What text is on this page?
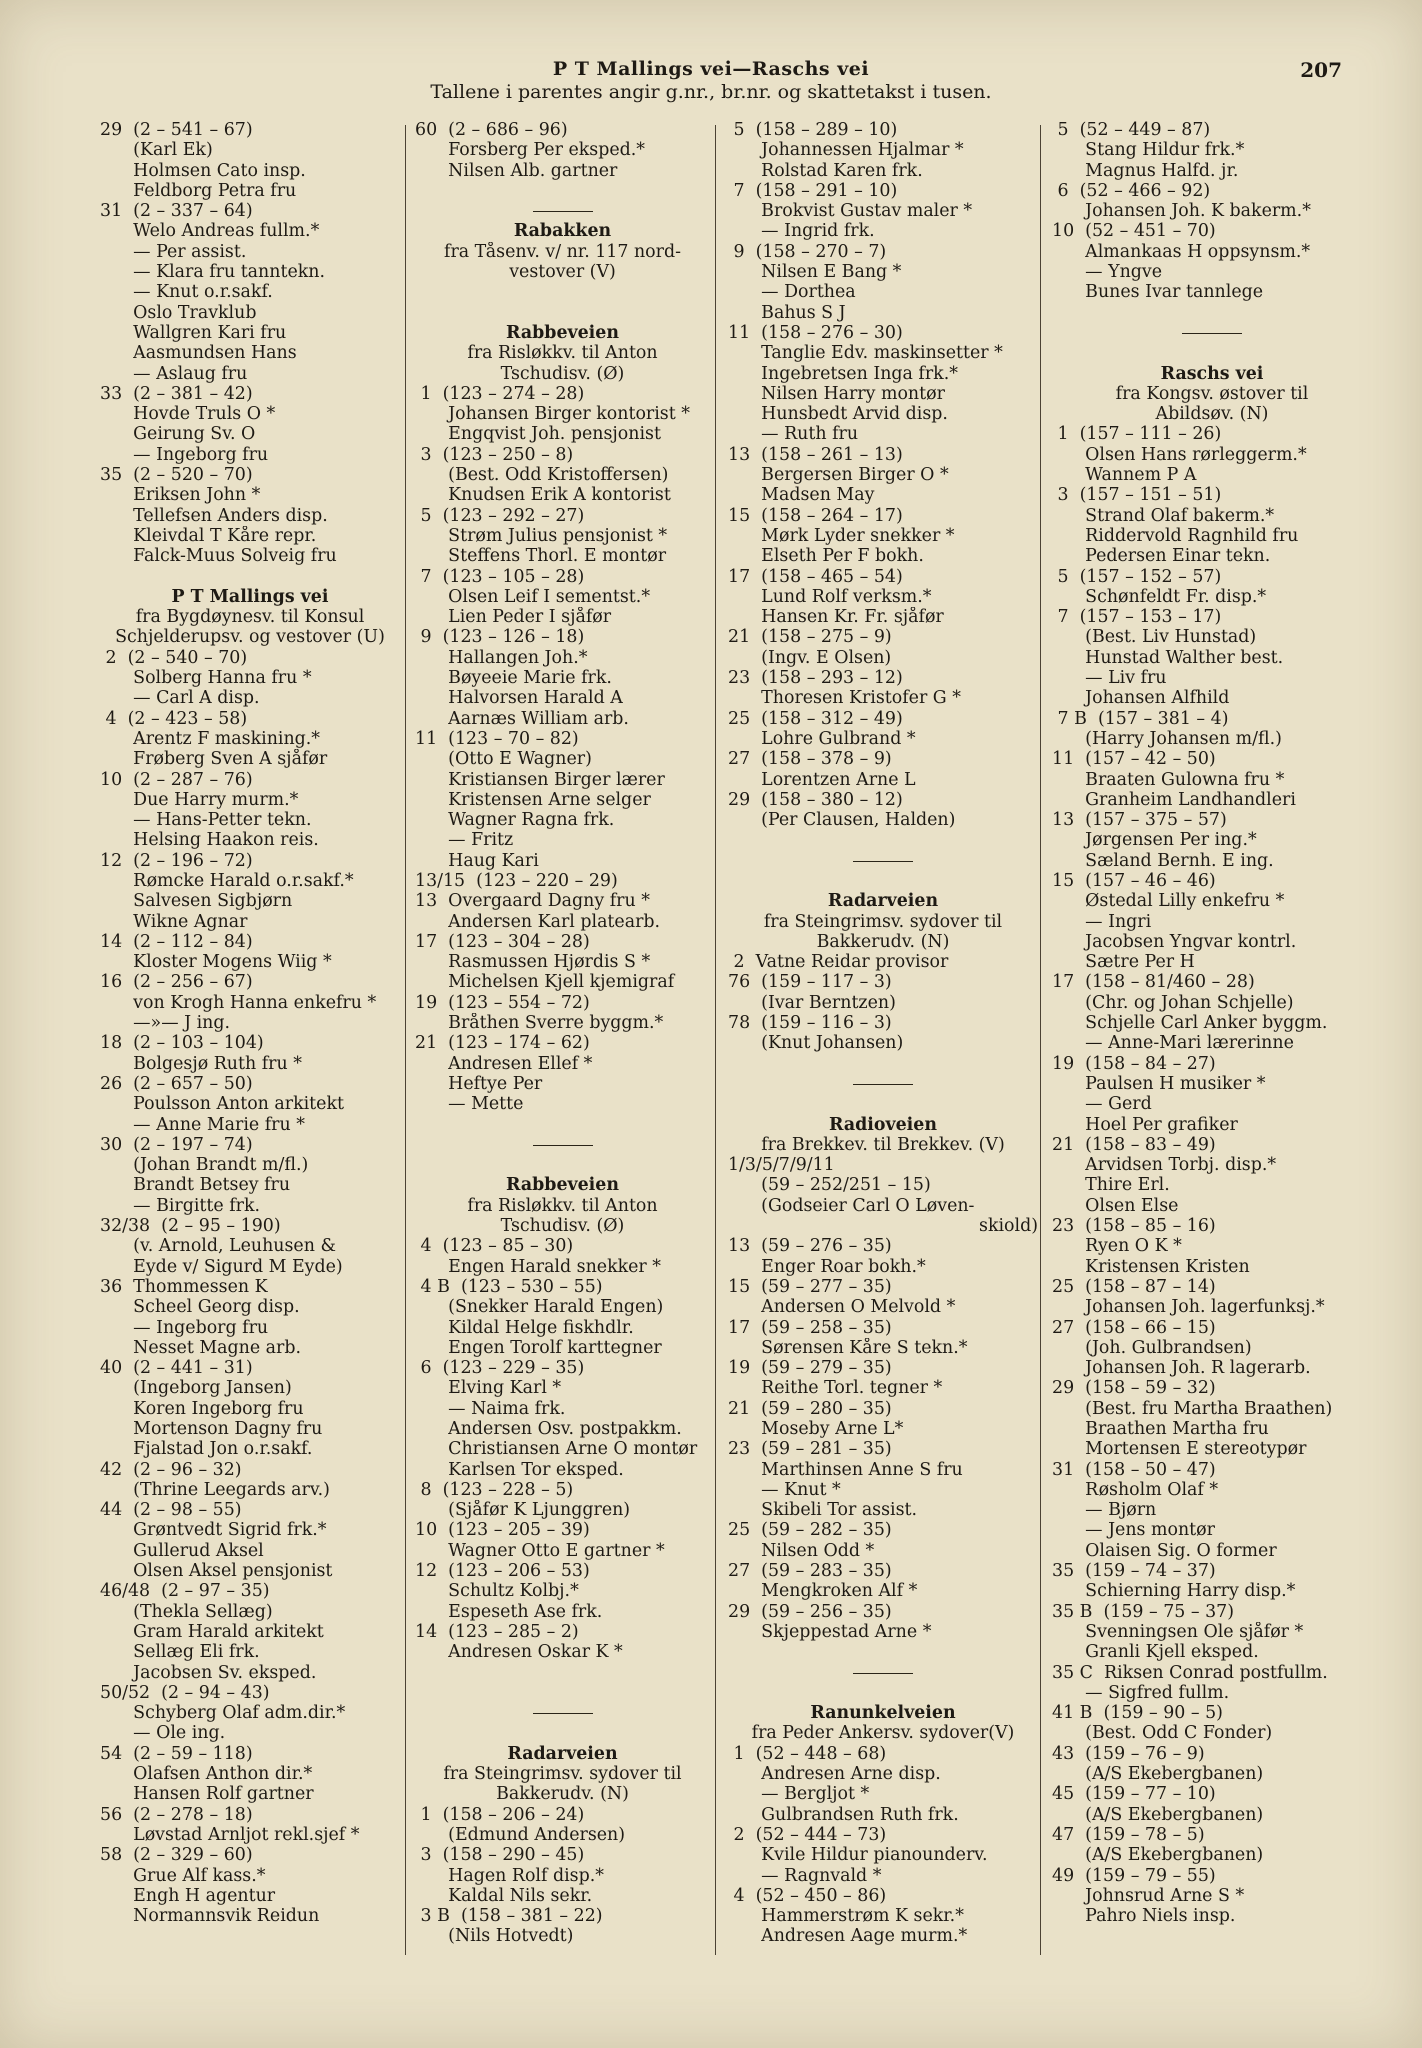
P T Mallings vei—Raschs vei
Tallene i parentes angir g.nr., br.nr. og skattetakst i tusen.
207
29  (2 – 541 – 67)
(Karl Ek)
Holmsen Cato insp.
Feldborg Petra fru
31  (2 – 337 – 64)
Welo Andreas fullm.*
— Per assist.
— Klara fru tanntekn.
— Knut o.r.sakf.
Oslo Travklub
Wallgren Kari fru
Aasmundsen Hans
— Aslaug fru
33  (2 – 381 – 42)
Hovde Truls O *
Geirung Sv. O
— Ingeborg fru
35  (2 – 520 – 70)
Eriksen John *
Tellefsen Anders disp.
Kleivdal T Kåre repr.
Falck-Muus Solveig fru
P T Mallings vei
fra Bygdøynesv. til Konsul
Schjelderupsv. og vestover (U)
2  (2 – 540 – 70)
Solberg Hanna fru *
— Carl A disp.
4  (2 – 423 – 58)
Arentz F maskining.*
Frøberg Sven A sjåfør
10  (2 – 287 – 76)
Due Harry murm.*
— Hans-Petter tekn.
Helsing Haakon reis.
12  (2 – 196 – 72)
Rømcke Harald o.r.sakf.*
Salvesen Sigbjørn
Wikne Agnar
14  (2 – 112 – 84)
Kloster Mogens Wiig *
16  (2 – 256 – 67)
von Krogh Hanna enkefru *
—»— J ing.
18  (2 – 103 – 104)
Bolgesjø Ruth fru *
26  (2 – 657 – 50)
Poulsson Anton arkitekt
— Anne Marie fru *
30  (2 – 197 – 74)
(Johan Brandt m/fl.)
Brandt Betsey fru
— Birgitte frk.
32/38  (2 – 95 – 190)
(v. Arnold, Leuhusen &
Eyde v/ Sigurd M Eyde)
36  Thommessen K
Scheel Georg disp.
— Ingeborg fru
Nesset Magne arb.
40  (2 – 441 – 31)
(Ingeborg Jansen)
Koren Ingeborg fru
Mortenson Dagny fru
Fjalstad Jon o.r.sakf.
42  (2 – 96 – 32)
(Thrine Leegards arv.)
44  (2 – 98 – 55)
Grøntvedt Sigrid frk.*
Gullerud Aksel
Olsen Aksel pensjonist
46/48  (2 – 97 – 35)
(Thekla Sellæg)
Gram Harald arkitekt
Sellæg Eli frk.
Jacobsen Sv. eksped.
50/52  (2 – 94 – 43)
Schyberg Olaf adm.dir.*
— Ole ing.
54  (2 – 59 – 118)
Olafsen Anthon dir.*
Hansen Rolf gartner
56  (2 – 278 – 18)
Løvstad Arnljot rekl.sjef *
58  (2 – 329 – 60)
Grue Alf kass.*
Engh H agentur
Normannsvik Reidun
60  (2 – 686 – 96)
Forsberg Per eksped.*
Nilsen Alb. gartner
Rabakken
fra Tåsenv. v/ nr. 117 nord-
vestover (V)
Rabbeveien
fra Risløkkv. til Anton
Tschudisv. (Ø)
1  (123 – 274 – 28)
Johansen Birger kontorist *
Engqvist Joh. pensjonist
3  (123 – 250 – 8)
(Best. Odd Kristoffersen)
Knudsen Erik A kontorist
5  (123 – 292 – 27)
Strøm Julius pensjonist *
Steffens Thorl. E montør
7  (123 – 105 – 28)
Olsen Leif I sementst.*
Lien Peder I sjåfør
9  (123 – 126 – 18)
Hallangen Joh.*
Bøyeeie Marie frk.
Halvorsen Harald A
Aarnæs William arb.
11  (123 – 70 – 82)
(Otto E Wagner)
Kristiansen Birger lærer
Kristensen Arne selger
Wagner Ragna frk.
— Fritz
Haug Kari
13/15  (123 – 220 – 29)
13  Overgaard Dagny fru *
Andersen Karl platearb.
17  (123 – 304 – 28)
Rasmussen Hjørdis S *
Michelsen Kjell kjemigraf
19  (123 – 554 – 72)
Bråthen Sverre byggm.*
21  (123 – 174 – 62)
Andresen Ellef *
Heftye Per
— Mette
Rabbeveien
fra Risløkkv. til Anton
Tschudisv. (Ø)
4  (123 – 85 – 30)
Engen Harald snekker *
4 B  (123 – 530 – 55)
(Snekker Harald Engen)
Kildal Helge fiskhdlr.
Engen Torolf karttegner
6  (123 – 229 – 35)
Elving Karl *
— Naima frk.
Andersen Osv. postpakkm.
Christiansen Arne O montør
Karlsen Tor eksped.
8  (123 – 228 – 5)
(Sjåfør K Ljunggren)
10  (123 – 205 – 39)
Wagner Otto E gartner *
12  (123 – 206 – 53)
Schultz Kolbj.*
Espeseth Ase frk.
14  (123 – 285 – 2)
Andresen Oskar K *
Radarveien
fra Steingrimsv. sydover til
Bakkerudv. (N)
1  (158 – 206 – 24)
(Edmund Andersen)
3  (158 – 290 – 45)
Hagen Rolf disp.*
Kaldal Nils sekr.
3 B  (158 – 381 – 22)
(Nils Hotvedt)
5  (158 – 289 – 10)
Johannessen Hjalmar *
Rolstad Karen frk.
7  (158 – 291 – 10)
Brokvist Gustav maler *
— Ingrid frk.
9  (158 – 270 – 7)
Nilsen E Bang *
— Dorthea
Bahus S J
11  (158 – 276 – 30)
Tanglie Edv. maskinsetter *
Ingebretsen Inga frk.*
Nilsen Harry montør
Hunsbedt Arvid disp.
— Ruth fru
13  (158 – 261 – 13)
Bergersen Birger O *
Madsen May
15  (158 – 264 – 17)
Mørk Lyder snekker *
Elseth Per F bokh.
17  (158 – 465 – 54)
Lund Rolf verksm.*
Hansen Kr. Fr. sjåfør
21  (158 – 275 – 9)
(Ingv. E Olsen)
23  (158 – 293 – 12)
Thoresen Kristofer G *
25  (158 – 312 – 49)
Lohre Gulbrand *
27  (158 – 378 – 9)
Lorentzen Arne L
29  (158 – 380 – 12)
(Per Clausen, Halden)
Radarveien
fra Steingrimsv. sydover til
Bakkerudv. (N)
2  Vatne Reidar provisor
76  (159 – 117 – 3)
(Ivar Berntzen)
78  (159 – 116 – 3)
(Knut Johansen)
Radioveien
fra Brekkev. til Brekkev. (V)
1/3/5/7/9/11
(59 – 252/251 – 15)
(Godseier Carl O Løven-
skiold)
13  (59 – 276 – 35)
Enger Roar bokh.*
15  (59 – 277 – 35)
Andersen O Melvold *
17  (59 – 258 – 35)
Sørensen Kåre S tekn.*
19  (59 – 279 – 35)
Reithe Torl. tegner *
21  (59 – 280 – 35)
Moseby Arne L*
23  (59 – 281 – 35)
Marthinsen Anne S fru
— Knut *
Skibeli Tor assist.
25  (59 – 282 – 35)
Nilsen Odd *
27  (59 – 283 – 35)
Mengkroken Alf *
29  (59 – 256 – 35)
Skjeppestad Arne *
Ranunkelveien
fra Peder Ankersv. sydover(V)
1  (52 – 448 – 68)
Andresen Arne disp.
— Bergljot *
Gulbrandsen Ruth frk.
2  (52 – 444 – 73)
Kvile Hildur pianounderv.
— Ragnvald *
4  (52 – 450 – 86)
Hammerstrøm K sekr.*
Andresen Aage murm.*
5  (52 – 449 – 87)
Stang Hildur frk.*
Magnus Halfd. jr.
6  (52 – 466 – 92)
Johansen Joh. K bakerm.*
10  (52 – 451 – 70)
Almankaas H oppsynsm.*
— Yngve
Bunes Ivar tannlege
Raschs vei
fra Kongsv. østover til
Abildsøv. (N)
1  (157 – 111 – 26)
Olsen Hans rørleggerm.*
Wannem P A
3  (157 – 151 – 51)
Strand Olaf bakerm.*
Riddervold Ragnhild fru
Pedersen Einar tekn.
5  (157 – 152 – 57)
Schønfeldt Fr. disp.*
7  (157 – 153 – 17)
(Best. Liv Hunstad)
Hunstad Walther best.
— Liv fru
Johansen Alfhild
7 B  (157 – 381 – 4)
(Harry Johansen m/fl.)
11  (157 – 42 – 50)
Braaten Gulowna fru *
Granheim Landhandleri
13  (157 – 375 – 57)
Jørgensen Per ing.*
Sæland Bernh. E ing.
15  (157 – 46 – 46)
Østedal Lilly enkefru *
— Ingri
Jacobsen Yngvar kontrl.
Sætre Per H
17  (158 – 81/460 – 28)
(Chr. og Johan Schjelle)
Schjelle Carl Anker byggm.
— Anne-Mari lærerinne
19  (158 – 84 – 27)
Paulsen H musiker *
— Gerd
Hoel Per grafiker
21  (158 – 83 – 49)
Arvidsen Torbj. disp.*
Thire Erl.
Olsen Else
23  (158 – 85 – 16)
Ryen O K *
Kristensen Kristen
25  (158 – 87 – 14)
Johansen Joh. lagerfunksj.*
27  (158 – 66 – 15)
(Joh. Gulbrandsen)
Johansen Joh. R lagerarb.
29  (158 – 59 – 32)
(Best. fru Martha Braathen)
Braathen Martha fru
Mortensen E stereotypør
31  (158 – 50 – 47)
Røsholm Olaf *
— Bjørn
— Jens montør
Olaisen Sig. O former
35  (159 – 74 – 37)
Schierning Harry disp.*
35 B  (159 – 75 – 37)
Svenningsen Ole sjåfør *
Granli Kjell eksped.
35 C  Riksen Conrad postfullm.
— Sigfred fullm.
41 B  (159 – 90 – 5)
(Best. Odd C Fonder)
43  (159 – 76 – 9)
(A/S Ekebergbanen)
45  (159 – 77 – 10)
(A/S Ekebergbanen)
47  (159 – 78 – 5)
(A/S Ekebergbanen)
49  (159 – 79 – 55)
Johnsrud Arne S *
Pahro Niels insp.
